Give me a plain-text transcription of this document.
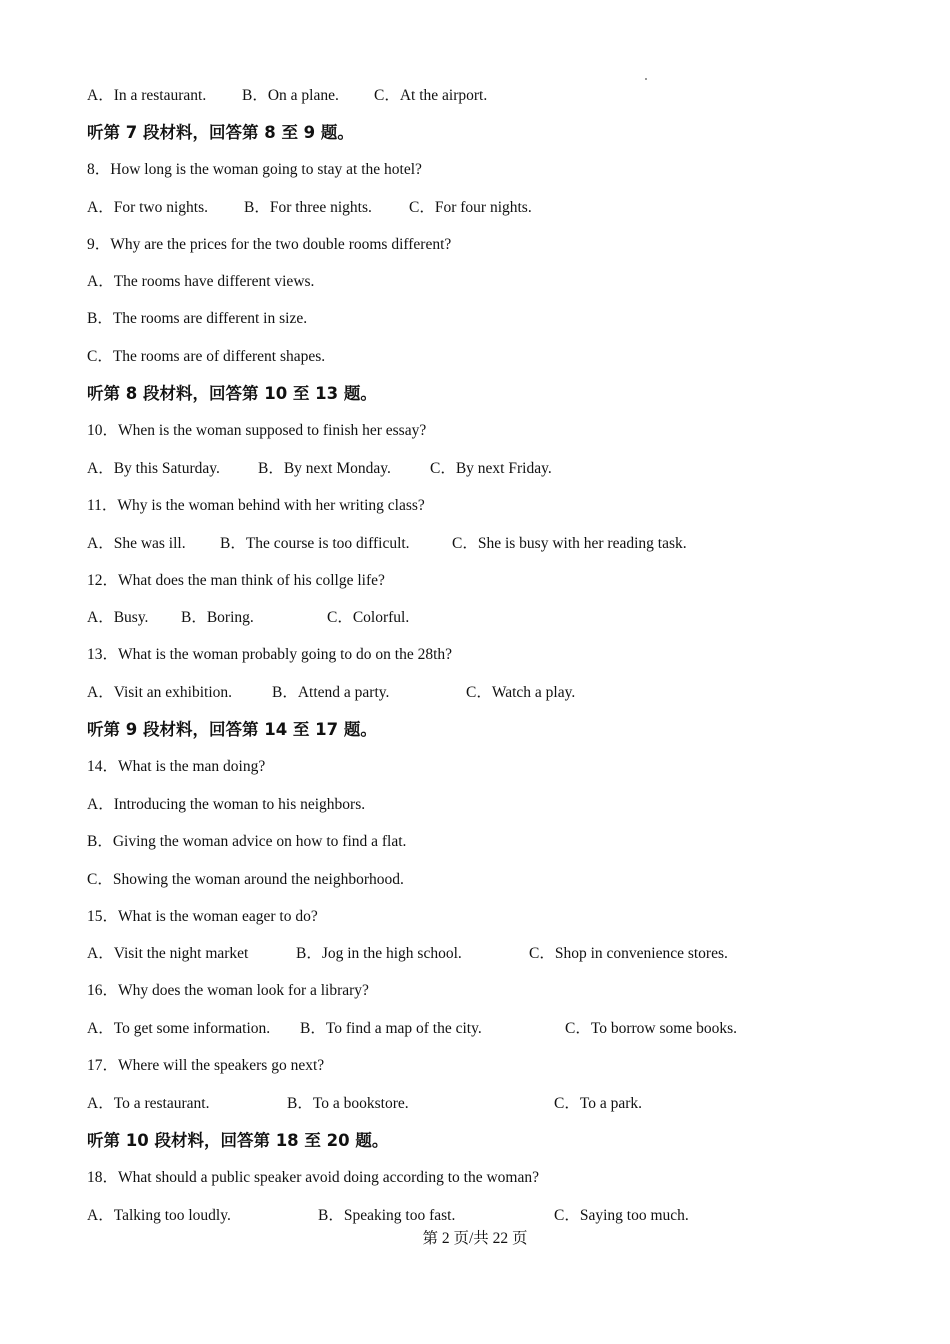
A．In a restaurant. B．On a plane. C．At the airport.
听第 7 段材料，回答第 8 至 9 题。
8．How long is the woman going to stay at the hotel?
A．For two nights. B．For three nights. C．For four nights.
9．Why are the prices for the two double rooms different?
A．The rooms have different views.
B．The rooms are different in size.
C．The rooms are of different shapes.
听第 8 段材料，回答第 10 至 13 题。
10．When is the woman supposed to finish her essay?
A．By this Saturday. B．By next Monday.	C．By next Friday.
11．Why is the woman behind with her writing class?
A．She was ill. B．The course is too difficult.	C．She is busy with her reading task.
12．What does the man think of his collge life?
A．Busy. B．Boring.	C．Colorful.
13．What is the woman probably going to do on the 28th?
A．Visit an exhibition.	B．Attend a party.	C．Watch a play.
听第 9 段材料，回答第 14 至 17 题。
14．What is the man doing?
A．Introducing the woman to his neighbors.
B．Giving the woman advice on how to find a flat.
C．Showing the woman around the neighborhood.
15．What is the woman eager to do?
A．Visit the night market	B．Jog in the high school.	C．Shop in convenience stores.
16．Why does the woman look for a library?
A．To get some information. B．To find a map of the city.	C．To borrow some books.
17．Where will the speakers go next?
A．To a restaurant.	B．To a bookstore.	C．To a park.
听第 10 段材料，回答第 18 至 20 题。
18．What should a public speaker avoid doing according to the woman?
A．Talking too loudly.	B．Speaking too fast.	C．Saying too much.
第 2 页/共 22 页
